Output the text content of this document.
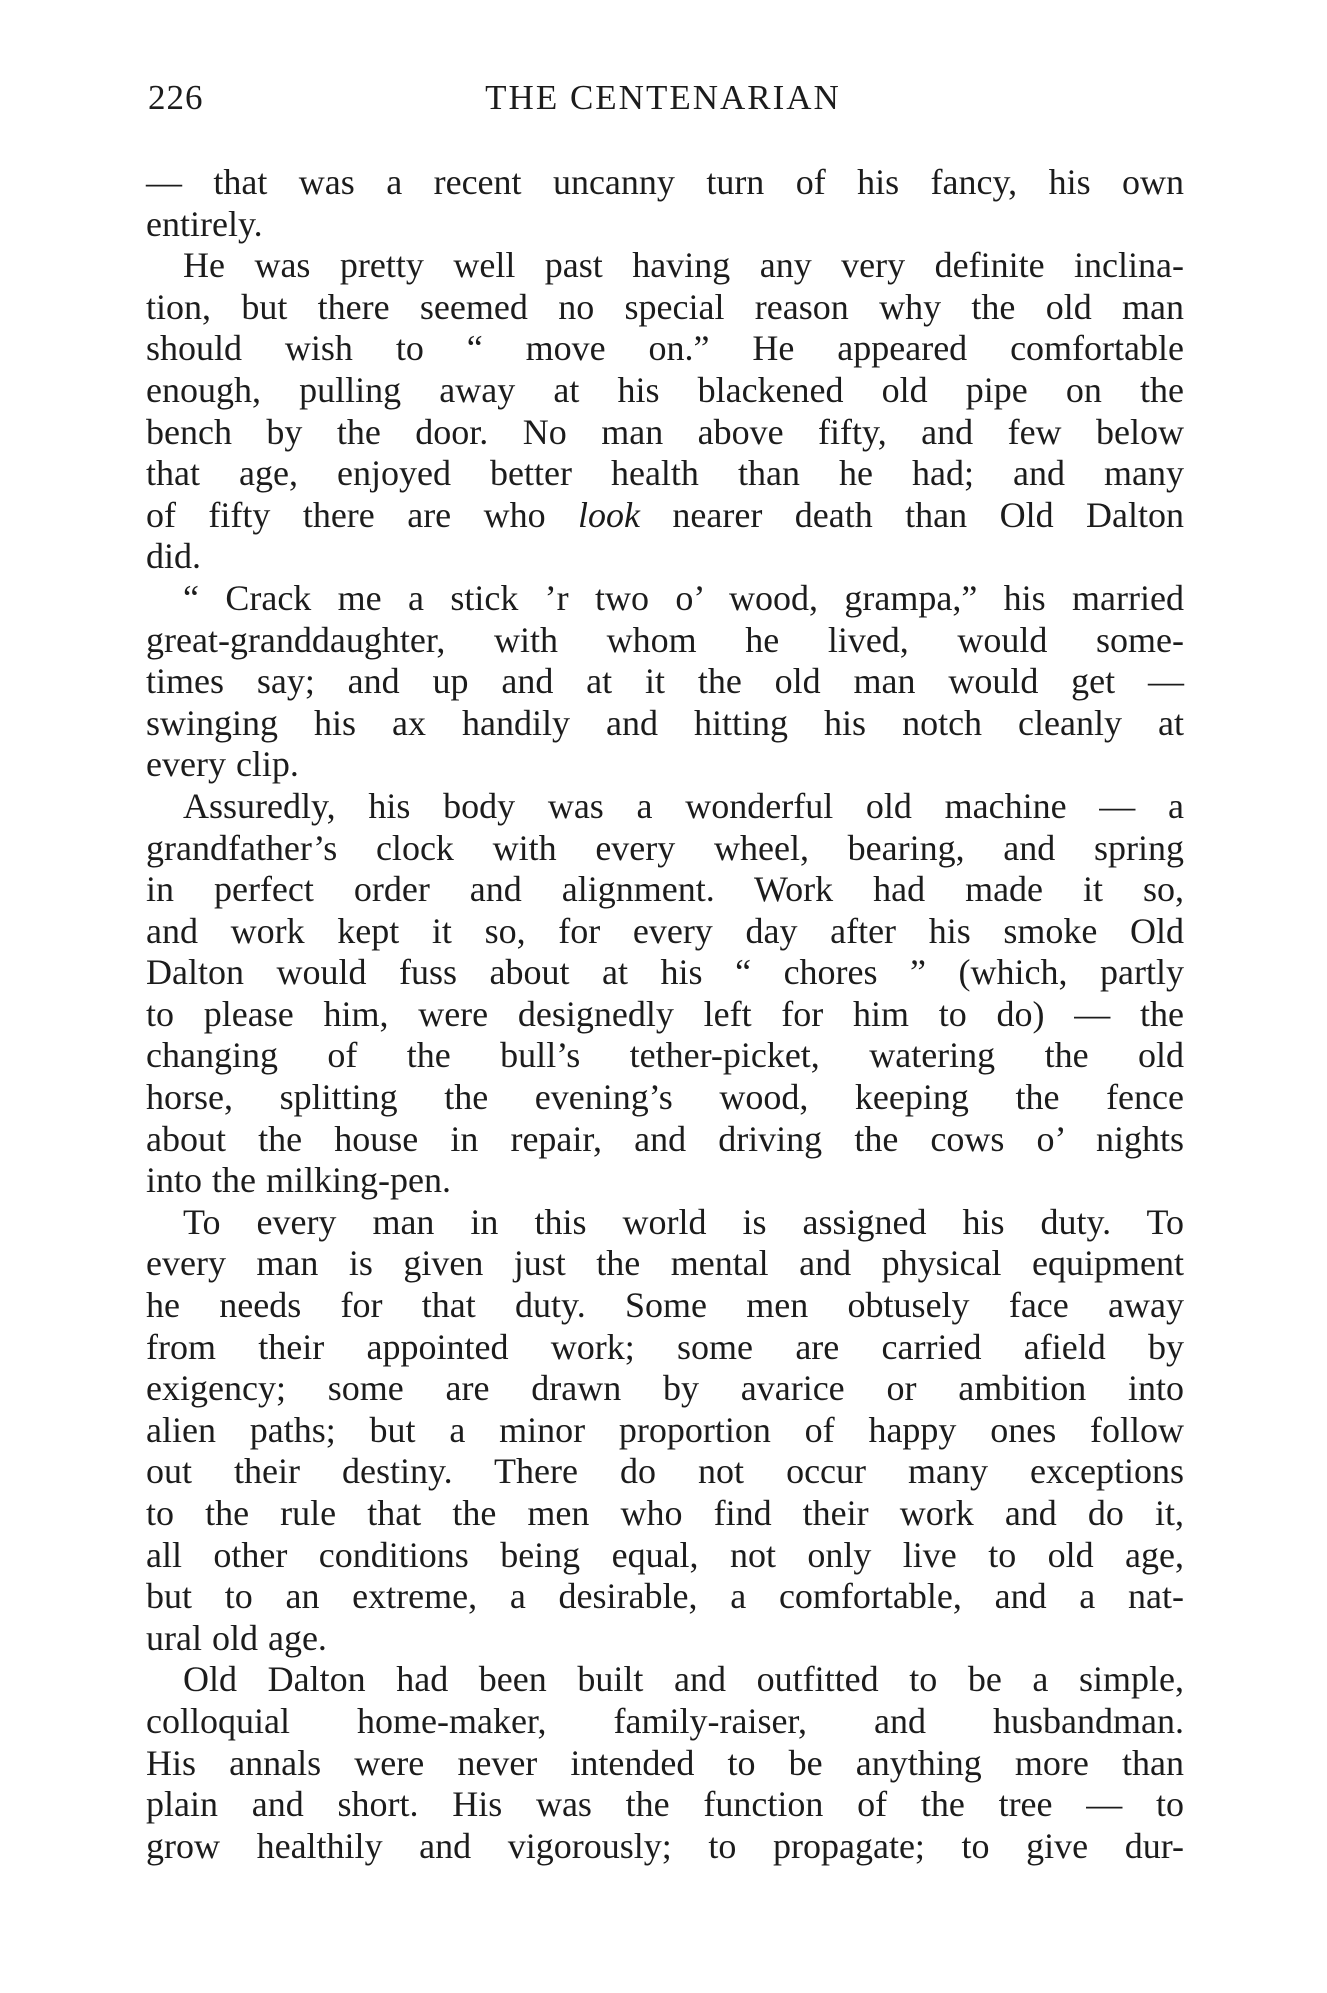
226	THE CENTENARIAN
— that was a recent uncanny turn of his fancy, his own
entirely.
He was pretty well past having any very definite inclina-
tion, but there seemed no special reason why the old man
should wish to “ move on.” He appeared comfortable
enough, pulling away at his blackened old pipe on the
bench by the door. No man above fifty, and few below
that age, enjoyed better health than he had; and many
of fifty there are who look nearer death than Old Dalton
did.
“ Crack me a stick ’r two o’ wood, grampa,” his married
great-granddaughter, with whom he lived, would some-
times say; and up and at it the old man would get —
swinging his ax handily and hitting his notch cleanly at
every clip.
Assuredly, his body was a wonderful old machine — a
grandfather’s clock with every wheel, bearing, and spring
in perfect order and alignment. Work had made it so,
and work kept it so, for every day after his smoke Old
Dalton would fuss about at his “ chores ” (which, partly
to please him, were designedly left for him to do) — the
changing of the bull’s tether-picket, watering the old
horse, splitting the evening’s wood, keeping the fence
about the house in repair, and driving the cows o’ nights
into the milking-pen.
To every man in this world is assigned his duty. To
every man is given just the mental and physical equipment
he needs for that duty. Some men obtusely face away
from their appointed work; some are carried afield by
exigency; some are drawn by avarice or ambition into
alien paths; but a minor proportion of happy ones follow
out their destiny. There do not occur many exceptions
to the rule that the men who find their work and do it,
all other conditions being equal, not only live to old age,
but to an extreme, a desirable, a comfortable, and a nat-
ural old age.
Old Dalton had been built and outfitted to be a simple,
colloquial home-maker, family-raiser, and husbandman.
His annals were never intended to be anything more than
plain and short. His was the function of the tree — to
grow healthily and vigorously; to propagate; to give dur-
